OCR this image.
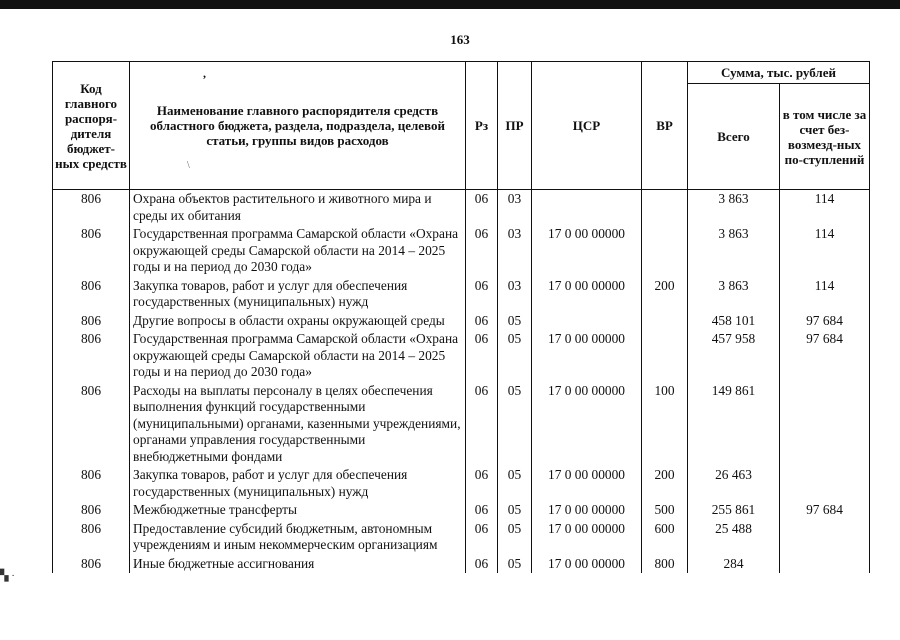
163
,
\
▚ ·
Код главного распоря-дителя бюджет-ных средств	Наименование главного распорядителя средств областного бюджета, раздела, подраздела, целевой статьи, группы видов расходов	Рз	ПР	ЦСР	ВР	Сумма, тыс. рублей	
						Всего	в том числе за счет без-возмезд-ных по-ступлений
806	Охрана объектов растительного и животного мира и среды их обитания	06	03			3 863	114
806	Государственная программа Самарской области «Охрана окружающей среды Самарской области на 2014 – 2025 годы и на период до 2030 года»	06	03	17 0 00 00000		3 863	114
806	Закупка товаров, работ и услуг для обеспечения государственных (муниципальных) нужд	06	03	17 0 00 00000	200	3 863	114
806	Другие вопросы в области охраны окружающей среды	06	05			458 101	97 684
806	Государственная программа Самарской области «Охрана окружающей среды Самарской области на 2014 – 2025 годы и на период до 2030 года»	06	05	17 0 00 00000		457 958	97 684
806	Расходы на выплаты персоналу в целях обеспечения выполнения функций государственными (муниципальными) органами, казенными учреждениями, органами управления государственными внебюджетными фондами	06	05	17 0 00 00000	100	149 861	
806	Закупка товаров, работ и услуг для обеспечения государственных (муниципальных) нужд	06	05	17 0 00 00000	200	26 463	
806	Межбюджетные трансферты	06	05	17 0 00 00000	500	255 861	97 684
806	Предоставление субсидий бюджетным, автономным учреждениям и иным некоммерческим организациям	06	05	17 0 00 00000	600	25 488	
806	Иные бюджетные ассигнования	06	05	17 0 00 00000	800	284	
